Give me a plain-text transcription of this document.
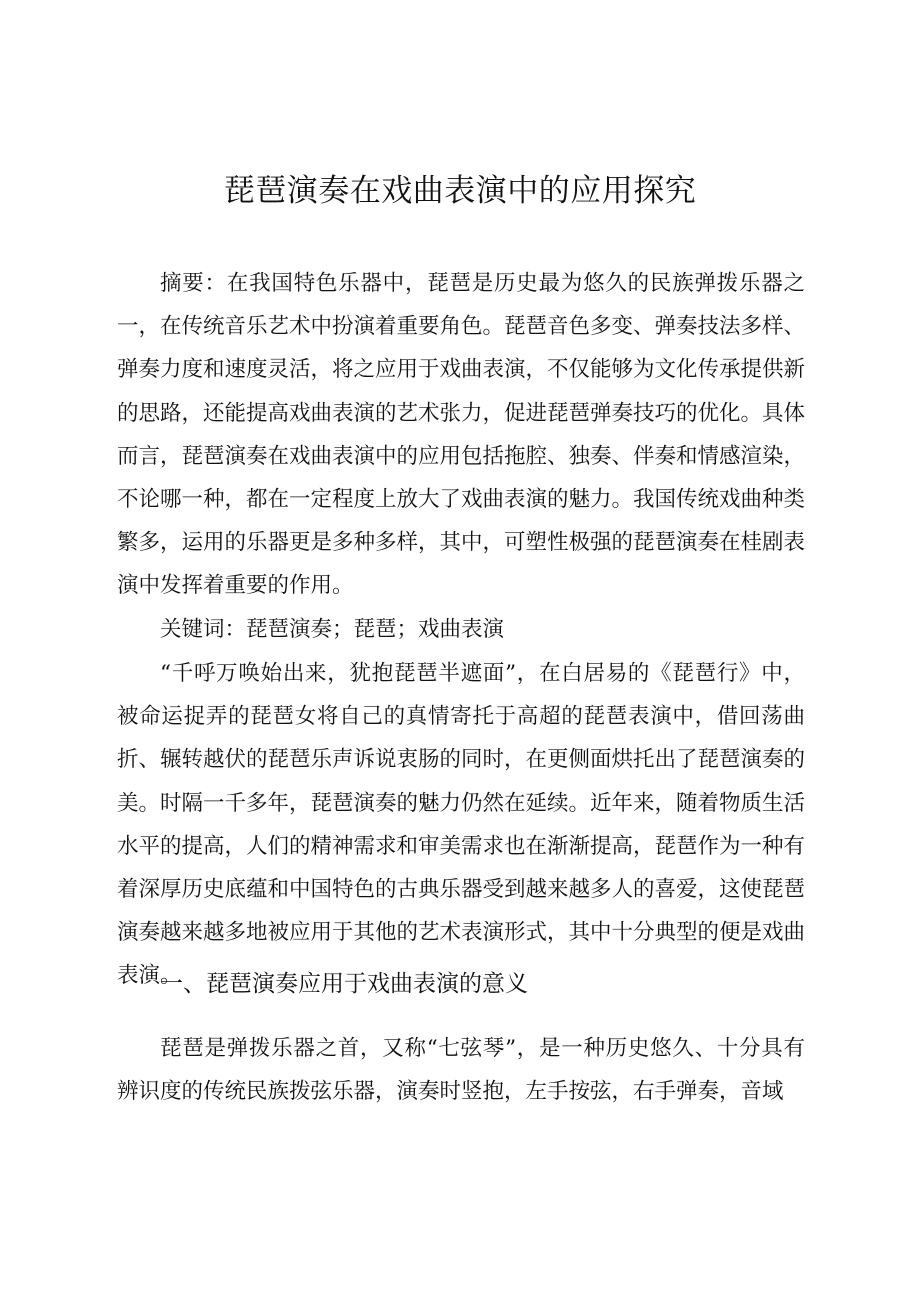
琵琶演奏在戏曲表演中的应用探究

摘要：在我国特色乐器中，琵琶是历史最为悠久的民族弹拨乐器之一，在传统音乐艺术中扮演着重要角色。琵琶音色多变、弹奏技法多样、弹奏力度和速度灵活，将之应用于戏曲表演，不仅能够为文化传承提供新的思路，还能提高戏曲表演的艺术张力，促进琵琶弹奏技巧的优化。具体而言，琵琶演奏在戏曲表演中的应用包括拖腔、独奏、伴奏和情感渲染，不论哪一种，都在一定程度上放大了戏曲表演的魅力。我国传统戏曲种类繁多，运用的乐器更是多种多样，其中，可塑性极强的琵琶演奏在桂剧表演中发挥着重要的作用。

关键词：琵琶演奏；琵琶；戏曲表演

“千呼万唤始出来，犹抱琵琶半遮面”，在白居易的《琵琶行》中，被命运捉弄的琵琶女将自己的真情寄托于高超的琵琶表演中，借回荡曲折、辗转越伏的琵琶乐声诉说衷肠的同时，在更侧面烘托出了琵琶演奏的美。时隔一千多年，琵琶演奏的魅力仍然在延续。近年来，随着物质生活水平的提高，人们的精神需求和审美需求也在渐渐提高，琵琶作为一种有着深厚历史底蕴和中国特色的古典乐器受到越来越多人的喜爱，这使琵琶演奏越来越多地被应用于其他的艺术表演形式，其中十分典型的便是戏曲表演。

一、琵琶演奏应用于戏曲表演的意义

琵琶是弹拨乐器之首，又称“七弦琴”，是一种历史悠久、十分具有辨识度的传统民族拨弦乐器，演奏时竖抱，左手按弦，右手弹奏，音域
